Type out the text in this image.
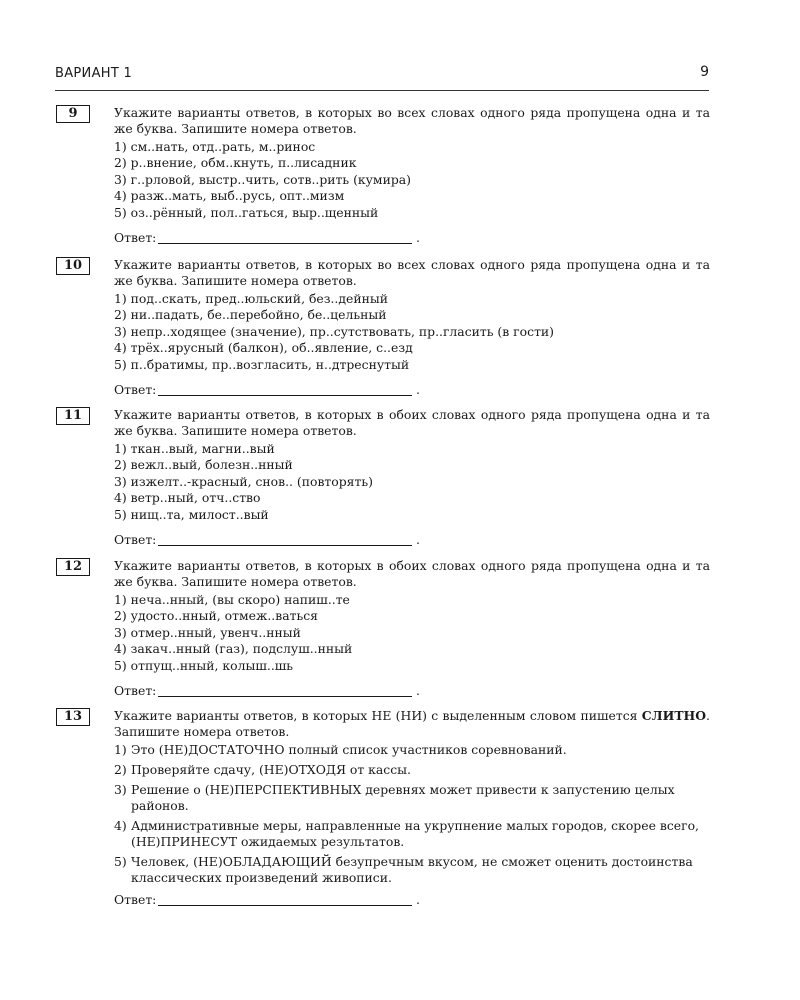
ВАРИАНТ 1	9
9	Укажите варианты ответов, в которых во всех словах одного ряда пропущена одна и та же буква. Запишите номера ответов.

1) см..нать, отд..рать, м..ринос
2) р..внение, обм..кнуть, п..лисадник
3) г..рловой, выстр..чить, сотв..рить (кумира)
4) разж..мать, выб..русь, опт..мизм
5) оз..рённый, пол..гаться, выр..щенный
Ответ:	.
10	Укажите варианты ответов, в которых во всех словах одного ряда пропущена одна и та же буква. Запишите номера ответов.

1) под..скать, пред..юльский, без..дейный
2) ни..падать, бе..перебойно, бе..цельный
3) непр..ходящее (значение), пр..сутствовать, пр..гласить (в гости)
4) трёх..ярусный (балкон), об..явление, с..езд
5) п..братимы, пр..возгласить, н..дтреснутый
Ответ:	.
11	Укажите варианты ответов, в которых в обоих словах одного ряда пропущена одна и та же буква. Запишите номера ответов.

1) ткан..вый, магни..вый
2) вежл..вый, болезн..нный
3) изжелт..-красный, снов.. (повторять)
4) ветр..ный, отч..ство
5) нищ..та, милост..вый
Ответ:	.
12	Укажите варианты ответов, в которых в обоих словах одного ряда пропущена одна и та же буква. Запишите номера ответов.

1) неча..нный, (вы скоро) напиш..те
2) удосто..нный, отмеж..ваться
3) отмер..нный, увенч..нный
4) закач..нный (газ), подслуш..нный
5) отпущ..нный, колыш..шь
Ответ:	.
13	Укажите варианты ответов, в которых НЕ (НИ) с выделенным словом пишется СЛИТНО. Запишите номера ответов.

1) Это (НЕ)ДОСТАТОЧНО полный список участников соревнований.
2) Проверяйте сдачу, (НЕ)ОТХОДЯ от кассы.
3) Решение о (НЕ)ПЕРСПЕКТИВНЫХ деревнях может привести к запустению целых районов.
4) Административные меры, направленные на укрупнение малых городов, скорее всего, (НЕ)ПРИНЕСУТ ожидаемых результатов.
5) Человек, (НЕ)ОБЛАДАЮЩИЙ безупречным вкусом, не сможет оценить достоинства классических произведений живописи.
Ответ:	.
